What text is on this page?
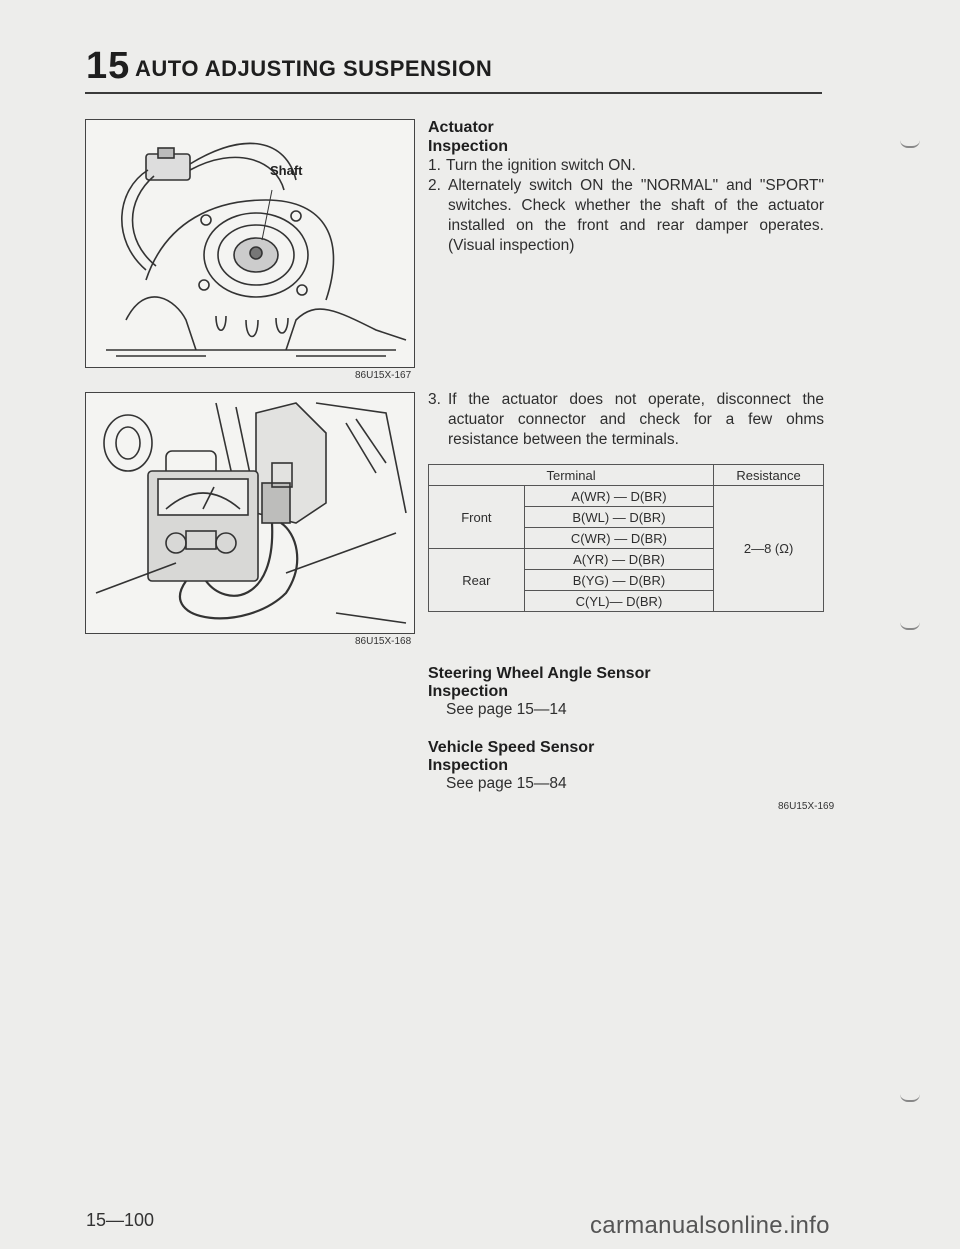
15 AUTO ADJUSTING SUSPENSION
Shaft
86U15X-167
86U15X-168
Actuator
Inspection
1. Turn the ignition switch ON.
2. Alternately switch ON the "NORMAL" and "SPORT" switches. Check whether the shaft of the actuator installed on the front and rear damper operates. (Visual inspection)
3. If the actuator does not operate, disconnect the actuator connector and check for a few ohms resistance between the terminals.
Terminal		Resistance
Front	A(WR) — D(BR)	2—8 (Ω)
	B(WL) — D(BR)	
	C(WR) — D(BR)	
Rear	A(YR) — D(BR)	
	B(YG) — D(BR)	
	C(YL)— D(BR)	
Steering Wheel Angle Sensor
Inspection
See page 15—14
Vehicle Speed Sensor
Inspection
See page 15—84
86U15X-169
15—100	carmanualsonline.info
